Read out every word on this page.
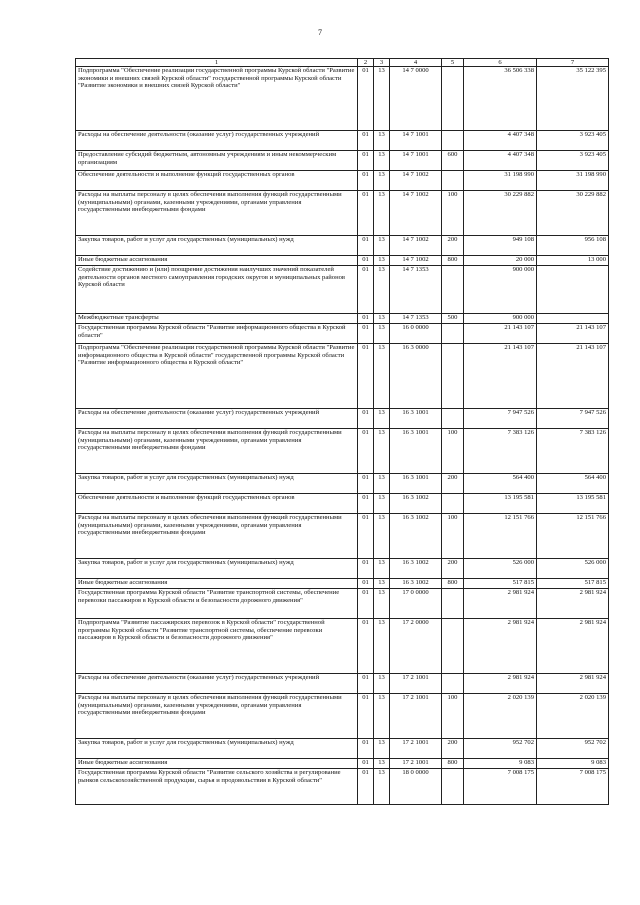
7
1	2	3	4	5	6	7
Подпрограмма "Обеспечение реализации государственной программы Курской области "Развитие экономики и внешних связей Курской области" государственной программы Курской области "Развитие экономики и внешних связей Курской области"	01	13	14 7 0000		36 506 338	35 122 395
Расходы на обеспечение деятельности (оказание услуг) государственных учреждений	01	13	14 7 1001		4 407 348	3 923 405
Предоставление субсидий бюджетным, автономным учреждениям и иным некоммерческим организациям	01	13	14 7 1001	600	4 407 348	3 923 405
Обеспечение деятельности и выполнение функций государственных органов	01	13	14 7 1002		31 198 990	31 198 990
Расходы на выплаты персоналу в целях обеспечения выполнения функций государственными (муниципальными) органами, казенными учреждениями, органами управления государственными внебюджетными фондами	01	13	14 7 1002	100	30 229 882	30 229 882
Закупка товаров, работ и услуг для государственных (муниципальных) нужд	01	13	14 7 1002	200	949 108	956 108
Иные бюджетные ассигнования	01	13	14 7 1002	800	20 000	13 000
Содействие достижению и (или) поощрение достижения наилучших значений показателей деятельности органов местного самоуправления городских округов и муниципальных районов Курской области	01	13	14 7 1353		900 000	
Межбюджетные трансферты	01	13	14 7 1353	500	900 000	
Государственная программа Курской области "Развитие информационного общества в Курской области"	01	13	16 0 0000		21 143 107	21 143 107
Подпрограмма "Обеспечение реализации государственной программы Курской области "Развитие информационного общества в Курской области" государственной программы Курской области "Развитие информационного общества в Курской области"	01	13	16 3 0000		21 143 107	21 143 107
Расходы на обеспечение деятельности (оказание услуг) государственных учреждений	01	13	16 3 1001		7 947 526	7 947 526
Расходы на выплаты персоналу в целях обеспечения выполнения функций государственными (муниципальными) органами, казенными учреждениями, органами управления государственными внебюджетными фондами	01	13	16 3 1001	100	7 383 126	7 383 126
Закупка товаров, работ и услуг для государственных (муниципальных) нужд	01	13	16 3 1001	200	564 400	564 400
Обеспечение деятельности и выполнение функций государственных органов	01	13	16 3 1002		13 195 581	13 195 581
Расходы на выплаты персоналу в целях обеспечения выполнения функций государственными (муниципальными) органами, казенными учреждениями, органами управления государственными внебюджетными фондами	01	13	16 3 1002	100	12 151 766	12 151 766
Закупка товаров, работ и услуг для государственных (муниципальных) нужд	01	13	16 3 1002	200	526 000	526 000
Иные бюджетные ассигнования	01	13	16 3 1002	800	517 815	517 815
Государственная программа Курской области "Развитие транспортной системы, обеспечение перевозки пассажиров в Курской области и безопасности дорожного движения"	01	13	17 0 0000		2 981 924	2 981 924
Подпрограмма "Развитие пассажирских перевозок в Курской области" государственной программы Курской области "Развитие транспортной системы, обеспечение перевозки пассажиров в Курской области и безопасности дорожного движения"	01	13	17 2 0000		2 981 924	2 981 924
Расходы на обеспечение деятельности (оказание услуг) государственных учреждений	01	13	17 2 1001		2 981 924	2 981 924
Расходы на выплаты персоналу в целях обеспечения выполнения функций государственными (муниципальными) органами, казенными учреждениями, органами управления государственными внебюджетными фондами	01	13	17 2 1001	100	2 020 139	2 020 139
Закупка товаров, работ и услуг для государственных (муниципальных) нужд	01	13	17 2 1001	200	952 702	952 702
Иные бюджетные ассигнования	01	13	17 2 1001	800	9 083	9 083
Государственная программа Курской области "Развитие сельского хозяйства и регулирование рынков сельскохозяйственной продукции, сырья и продовольствия в Курской области"	01	13	18 0 0000		7 008 175	7 008 175
